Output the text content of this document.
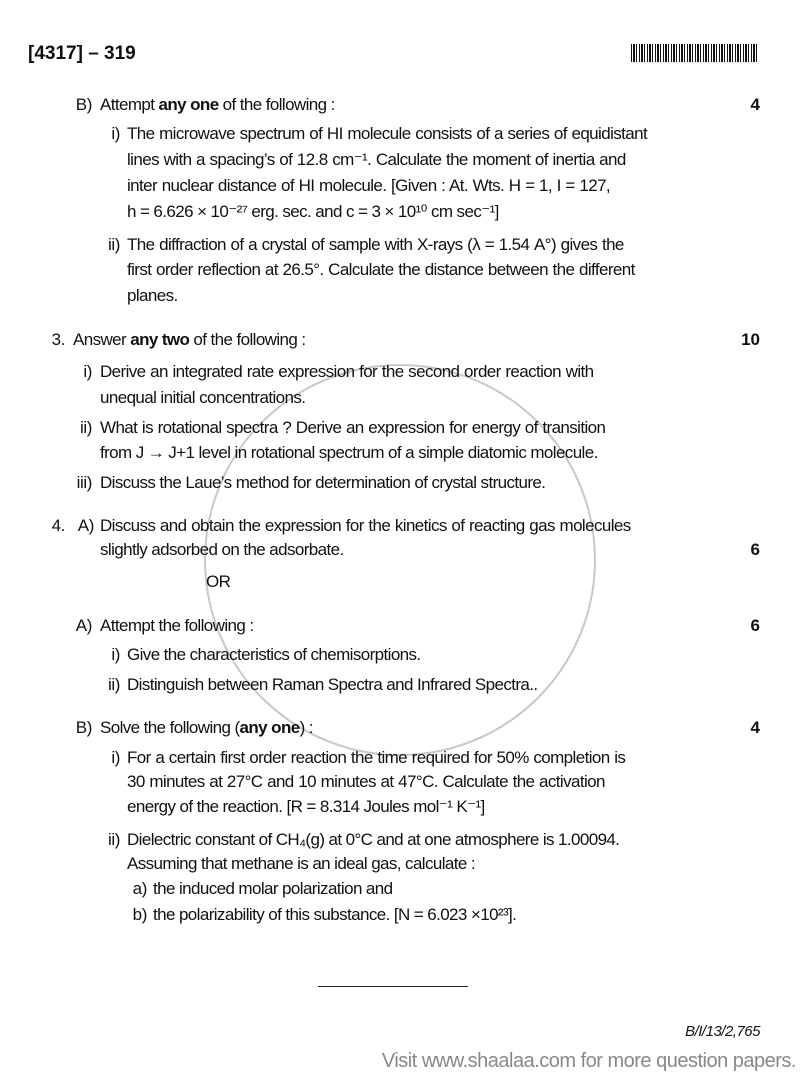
[4317] – 319
B) Attempt any one of the following :	4
i) The microwave spectrum of HI molecule consists of a series of equidistant
lines with a spacing’s of 12.8 cm⁻¹. Calculate the moment of inertia and
inter nuclear distance of HI molecule. [Given : At. Wts. H = 1, I = 127,
h = 6.626 × 10⁻²⁷ erg. sec. and c = 3 × 10¹⁰ cm sec⁻¹]
ii) The diffraction of a crystal of sample with X-rays (λ = 1.54 A°) gives the
first order reflection at 26.5°. Calculate the distance between the different
planes.
3. Answer any two of the following :	10
i) Derive an integrated rate expression for the second order reaction with
unequal initial concentrations.
ii) What is rotational spectra ? Derive an expression for energy of transition
from J → J+1 level in rotational spectrum of a simple diatomic molecule.
iii) Discuss the Laue’s method for determination of crystal structure.
4. A) Discuss and obtain the expression for the kinetics of reacting gas molecules
slightly adsorbed on the adsorbate.	6
OR
A) Attempt the following :	6
i) Give the characteristics of chemisorptions.
ii) Distinguish between Raman Spectra and Infrared Spectra..
B) Solve the following (any one) :	4
i) For a certain first order reaction the time required for 50% completion is
30 minutes at 27°C and 10 minutes at 47°C. Calculate the activation
energy of the reaction. [R = 8.314 Joules mol⁻¹ K⁻¹]
ii) Dielectric constant of CH₄(g) at 0°C and at one atmosphere is 1.00094.
Assuming that methane is an ideal gas, calculate :
a) the induced molar polarization and
b) the polarizability of this substance. [N = 6.023 ×10²³].
B/I/13/2,765
Visit www.shaalaa.com for more question papers.
